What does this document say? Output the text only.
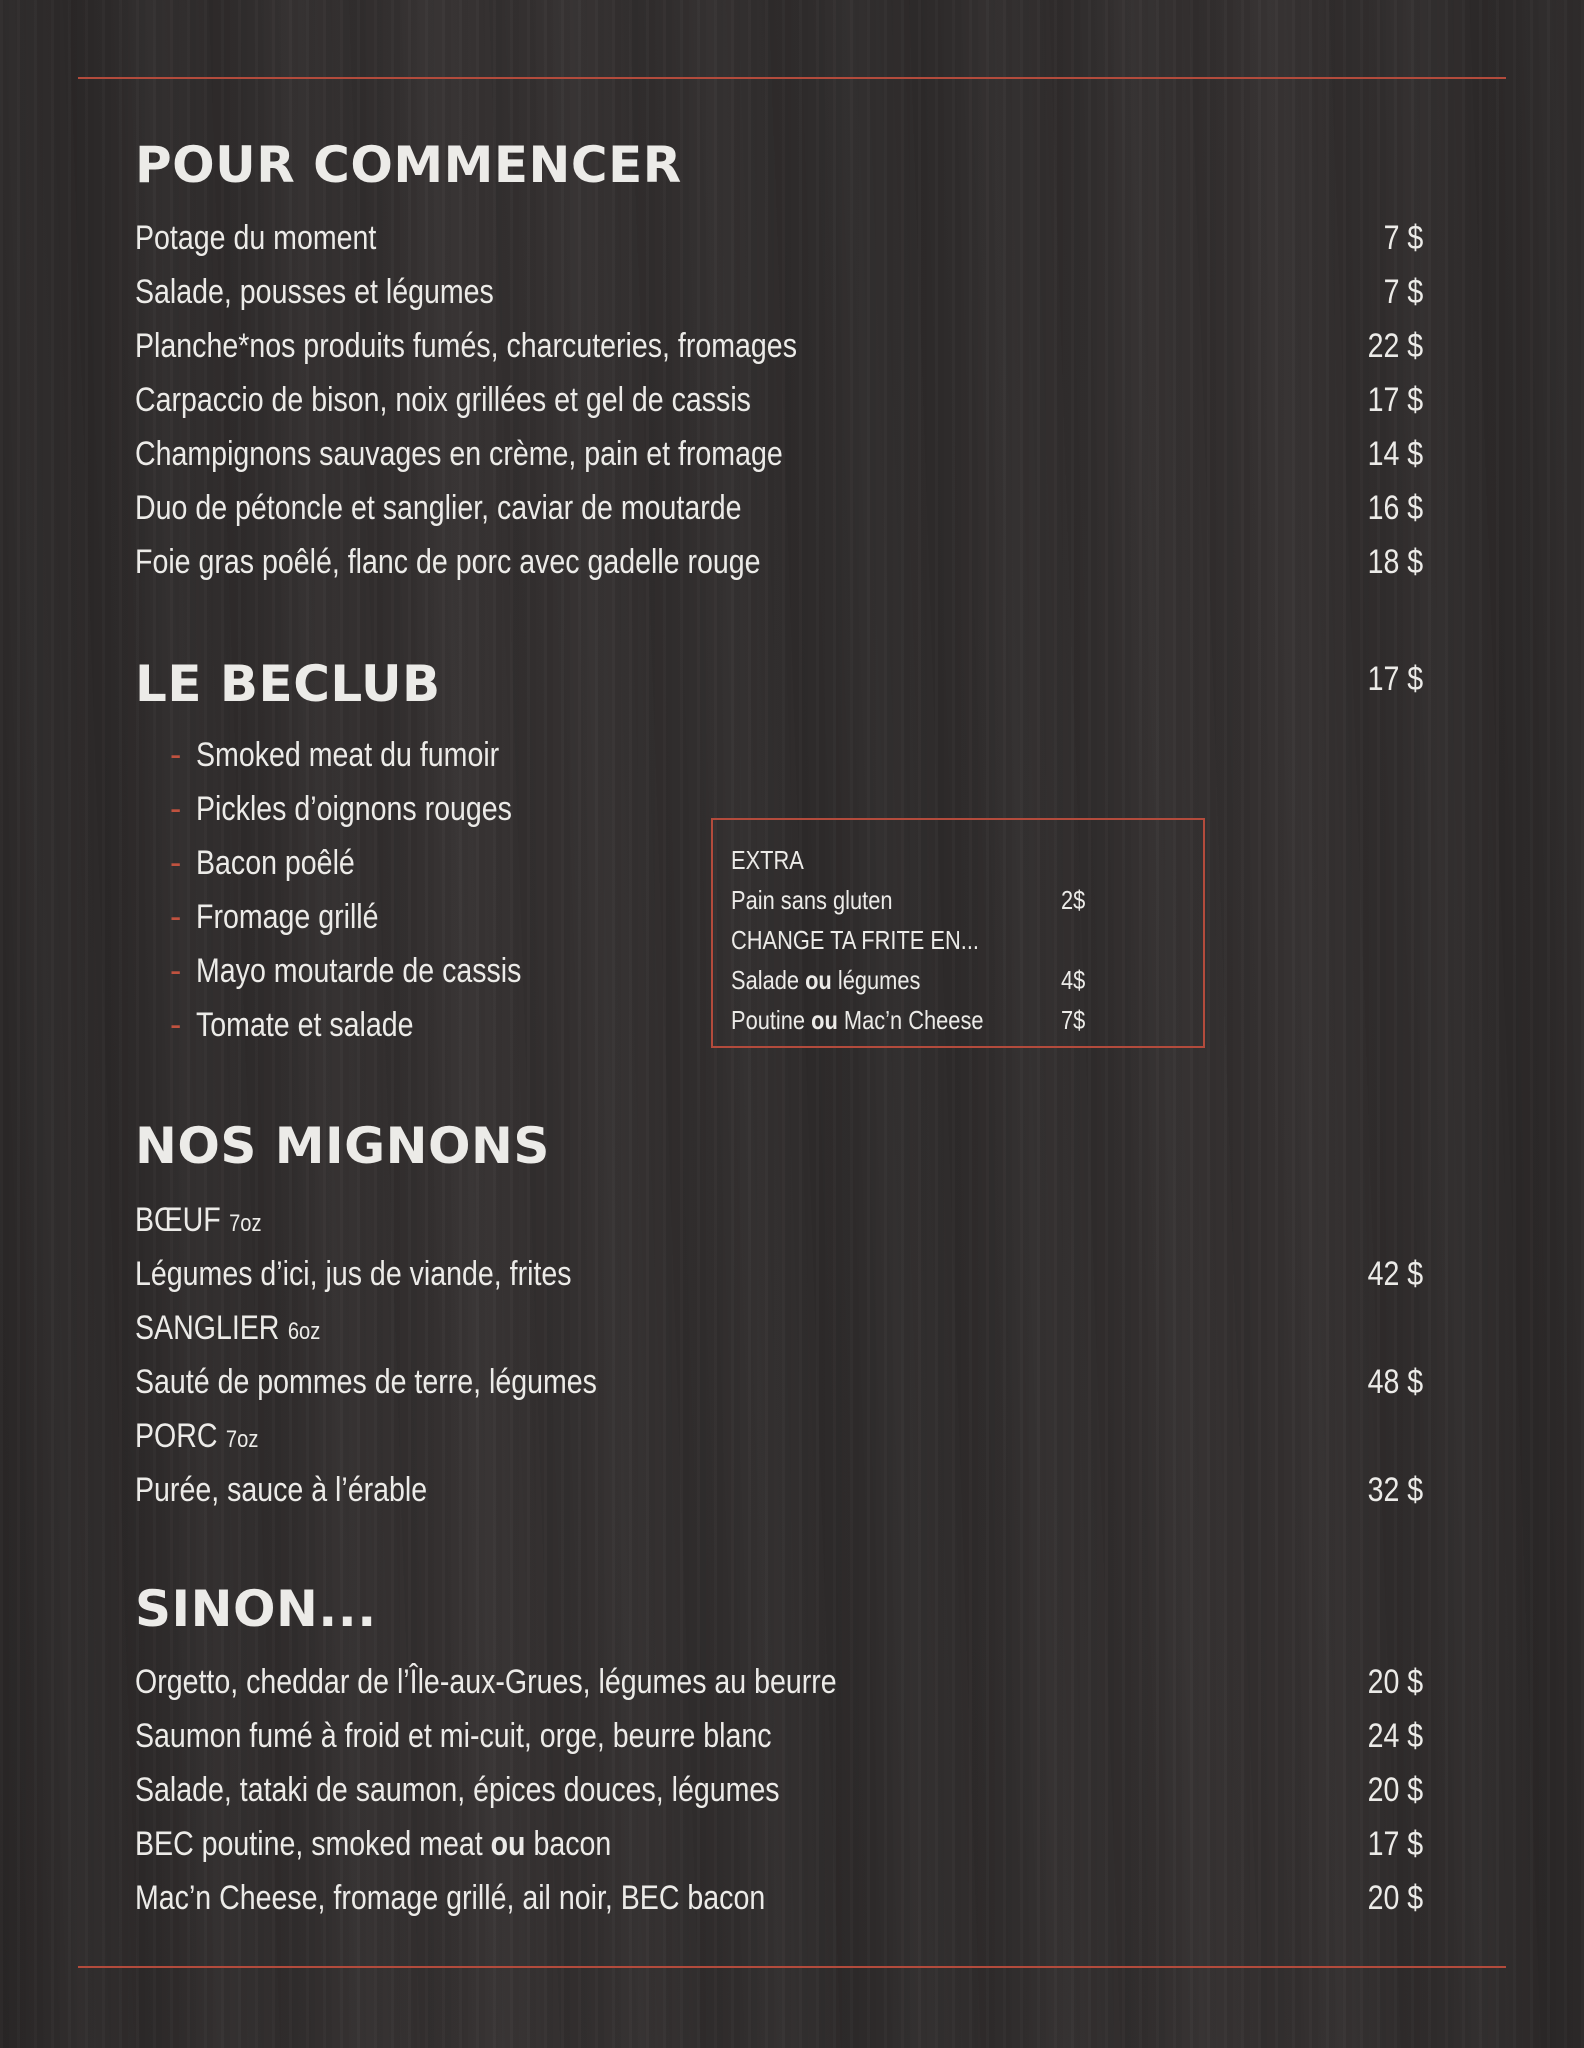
POUR COMMENCER
Potage du moment	7 $
Salade, pousses et légumes	7 $
Planche*nos produits fumés, charcuteries, fromages	22 $
Carpaccio de bison, noix grillées et gel de cassis	17 $
Champignons sauvages en crème, pain et fromage	14 $
Duo de pétoncle et sanglier, caviar de moutarde	16 $
Foie gras poêlé, flanc de porc avec gadelle rouge	18 $
LE BECLUB	17 $
- Smoked meat du fumoir
- Pickles d’oignons rouges
- Bacon poêlé
- Fromage grillé
- Mayo moutarde de cassis
- Tomate et salade
EXTRA
Pain sans gluten	2$
CHANGE TA FRITE EN...
Salade ou légumes	4$
Poutine ou Mac’n Cheese	7$
NOS MIGNONS
BŒUF 7oz
Légumes d’ici, jus de viande, frites	42 $
SANGLIER 6oz
Sauté de pommes de terre, légumes	48 $
PORC 7oz
Purée, sauce à l’érable	32 $
SINON...
Orgetto, cheddar de l’Île-aux-Grues, légumes au beurre	20 $
Saumon fumé à froid et mi-cuit, orge, beurre blanc	24 $
Salade, tataki de saumon, épices douces, légumes	20 $
BEC poutine, smoked meat ou bacon	17 $
Mac’n Cheese, fromage grillé, ail noir, BEC bacon	20 $
